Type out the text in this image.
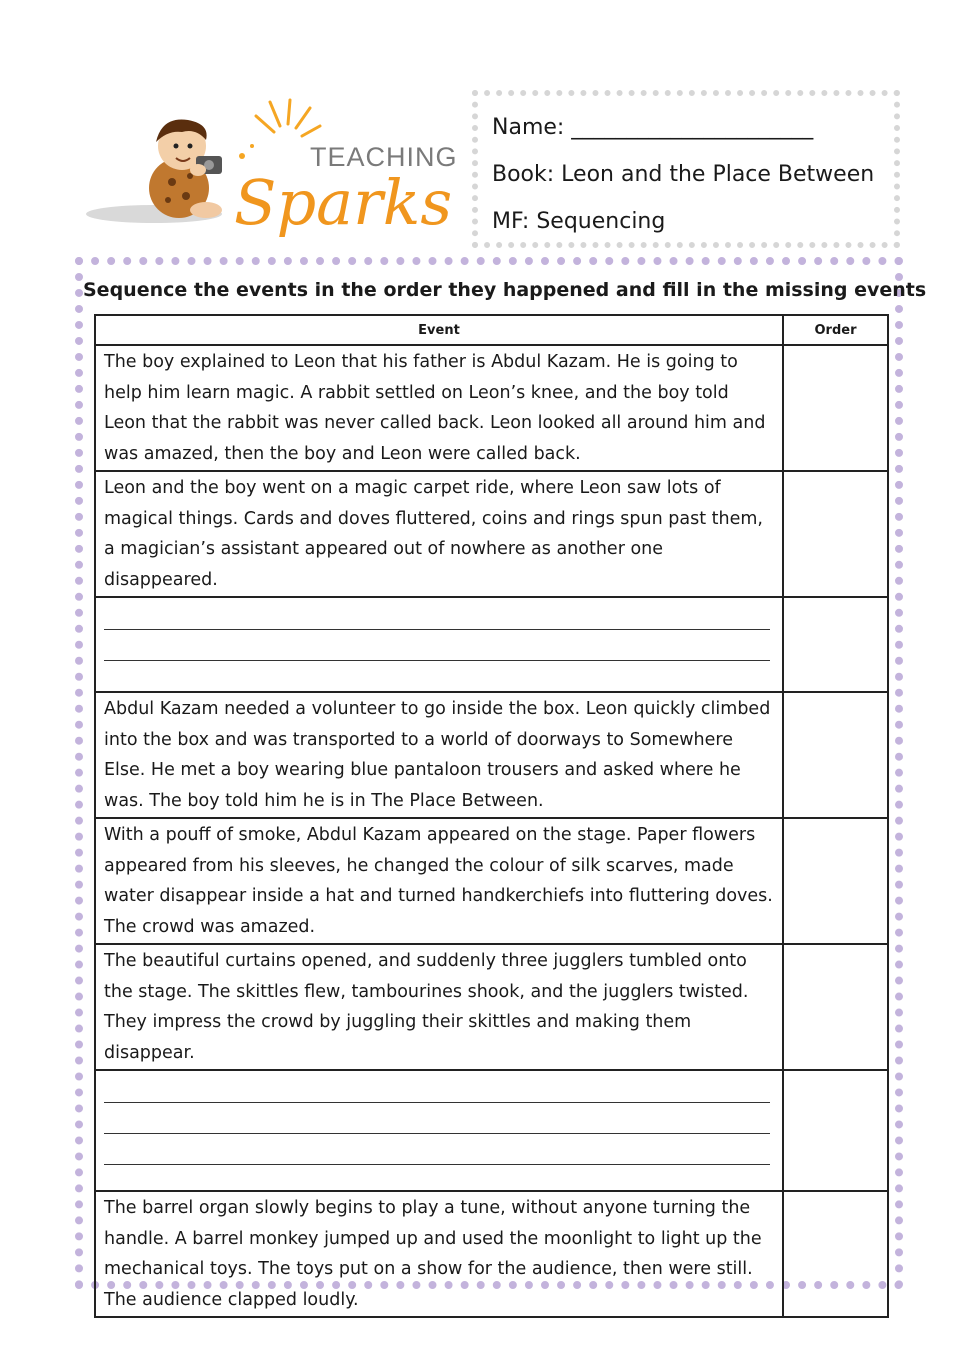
TEACHING
Sparks
Name: ______________________
Book: Leon and the Place Between
MF: Sequencing
Sequence the events in the order they happened and fill in the missing events
Event	Order
The boy explained to Leon that his father is Abdul Kazam. He is going to help him learn magic. A rabbit settled on Leon’s knee, and the boy told Leon that the rabbit was never called back. Leon looked all around him and was amazed, then the boy and Leon were called back.	
Leon and the boy went on a magic carpet ride, where Leon saw lots of magical things. Cards and doves fluttered, coins and rings spun past them, a magician’s assistant appeared out of nowhere as another one disappeared.	

Abdul Kazam needed a volunteer to go inside the box. Leon quickly climbed into the box and was transported to a world of doorways to Somewhere Else. He met a boy wearing blue pantaloon trousers and asked where he was. The boy told him he is in The Place Between.	
With a pouff of smoke, Abdul Kazam appeared on the stage. Paper flowers appeared from his sleeves, he changed the colour of silk scarves, made water disappear inside a hat and turned handkerchiefs into fluttering doves. The crowd was amazed.	
The beautiful curtains opened, and suddenly three jugglers tumbled onto the stage. The skittles flew, tambourines shook, and the jugglers twisted. They impress the crowd by juggling their skittles and making them disappear.	

The barrel organ slowly begins to play a tune, without anyone turning the handle. A barrel monkey jumped up and used the moonlight to light up the mechanical toys. The toys put on a show for the audience, then were still. The audience clapped loudly.	
